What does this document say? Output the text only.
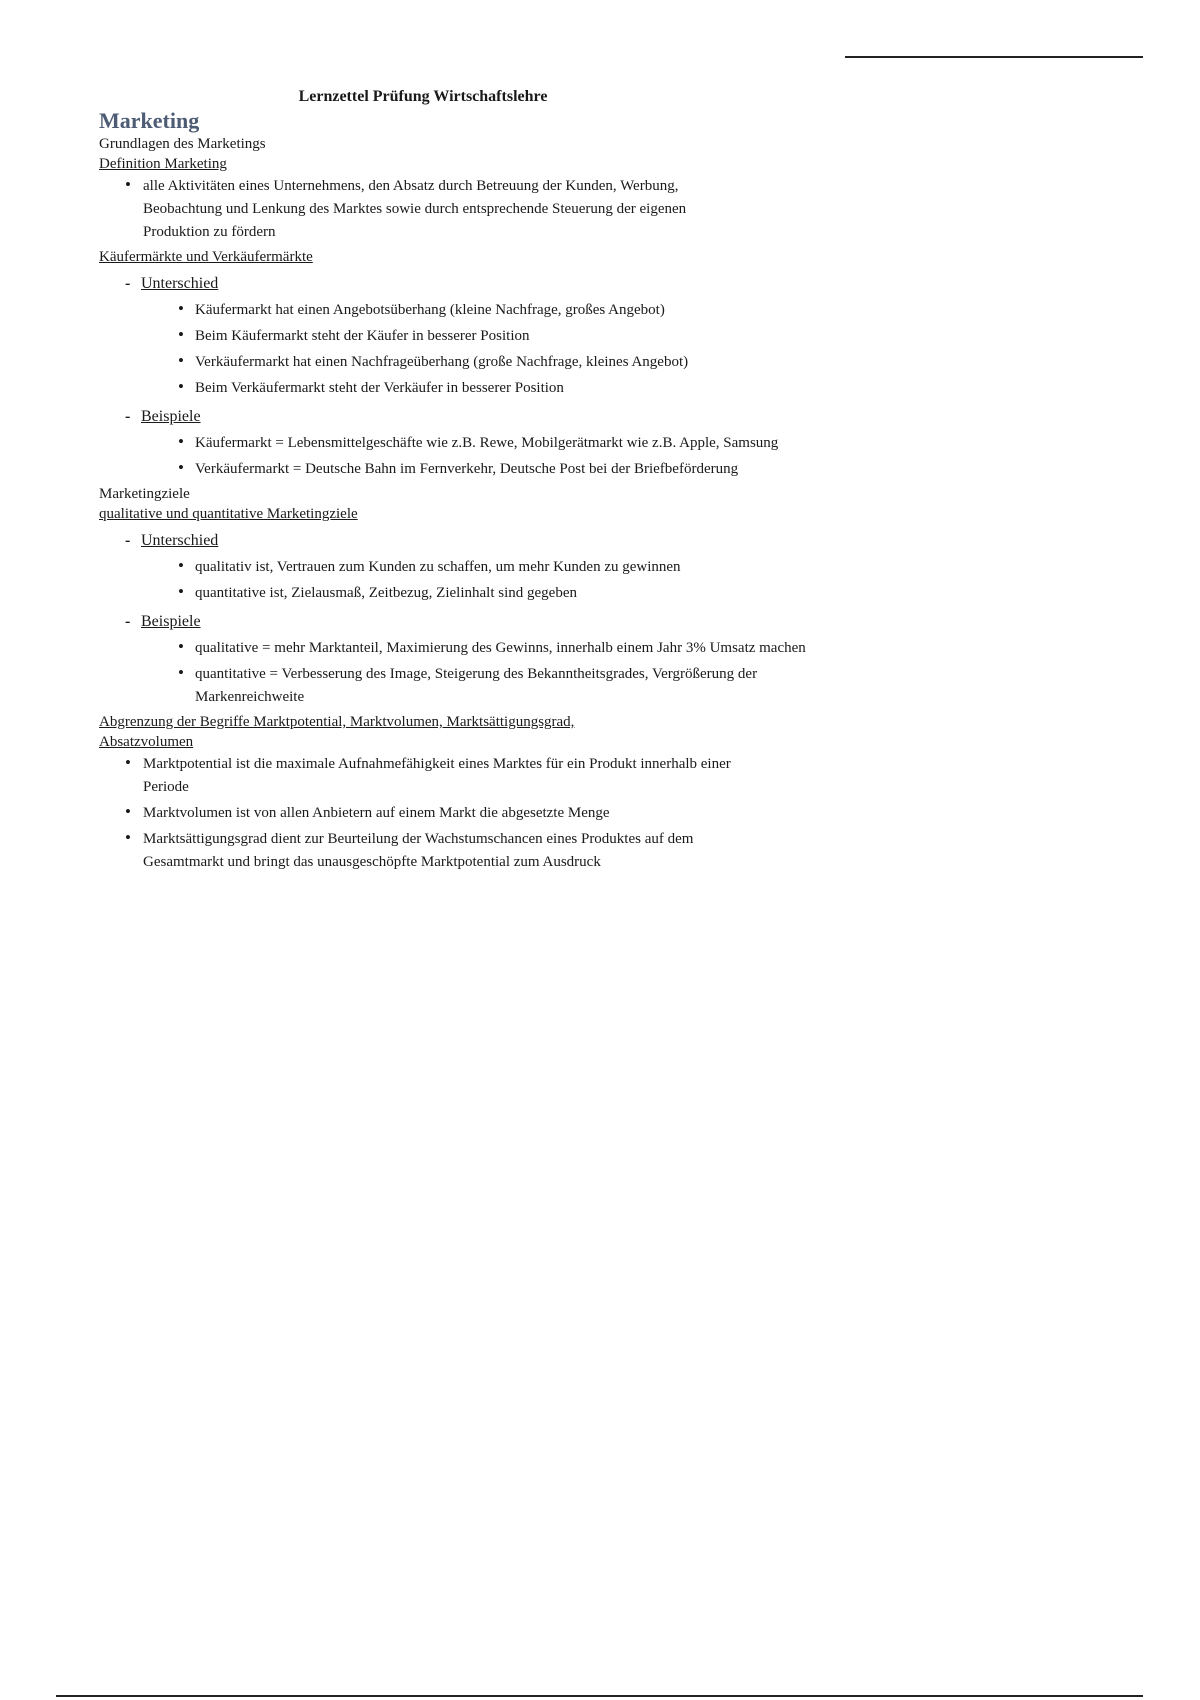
Lernzettel Prüfung Wirtschaftslehre
Marketing
Grundlagen des Marketings
Definition Marketing
• alle Aktivitäten eines Unternehmens, den Absatz durch Betreuung der Kunden, Werbung, Beobachtung und Lenkung des Marktes sowie durch entsprechende Steuerung der eigenen Produktion zu fördern
Käufermärkte und Verkäufermärkte
- Unterschied
• Käufermarkt hat einen Angebotsüberhang (kleine Nachfrage, großes Angebot)
• Beim Käufermarkt steht der Käufer in besserer Position
• Verkäufermarkt hat einen Nachfrageüberhang (große Nachfrage, kleines Angebot)
• Beim Verkäufermarkt steht der Verkäufer in besserer Position
- Beispiele
• Käufermarkt = Lebensmittelgeschäfte wie z.B. Rewe, Mobilgerätmarkt wie z.B. Apple, Samsung
• Verkäufermarkt = Deutsche Bahn im Fernverkehr, Deutsche Post bei der Briefbeförderung
Marketingziele
qualitative und quantitative Marketingziele
- Unterschied
• qualitativ ist, Vertrauen zum Kunden zu schaffen, um mehr Kunden zu gewinnen
• quantitative ist, Zielausmaß, Zeitbezug, Zielinhalt sind gegeben
- Beispiele
• qualitative = mehr Marktanteil, Maximierung des Gewinns, innerhalb einem Jahr 3% Umsatz machen
• quantitative = Verbesserung des Image, Steigerung des Bekanntheitsgrades, Vergrößerung der Markenreichweite
Abgrenzung der Begriffe Marktpotential, Marktvolumen, Marktsättigungsgrad, Absatzvolumen
• Marktpotential ist die maximale Aufnahmefähigkeit eines Marktes für ein Produkt innerhalb einer Periode
• Marktvolumen ist von allen Anbietern auf einem Markt die abgesetzte Menge
• Marktsättigungsgrad dient zur Beurteilung der Wachstumschancen eines Produktes auf dem Gesamtmarkt und bringt das unausgeschöpfte Marktpotential zum Ausdruck
